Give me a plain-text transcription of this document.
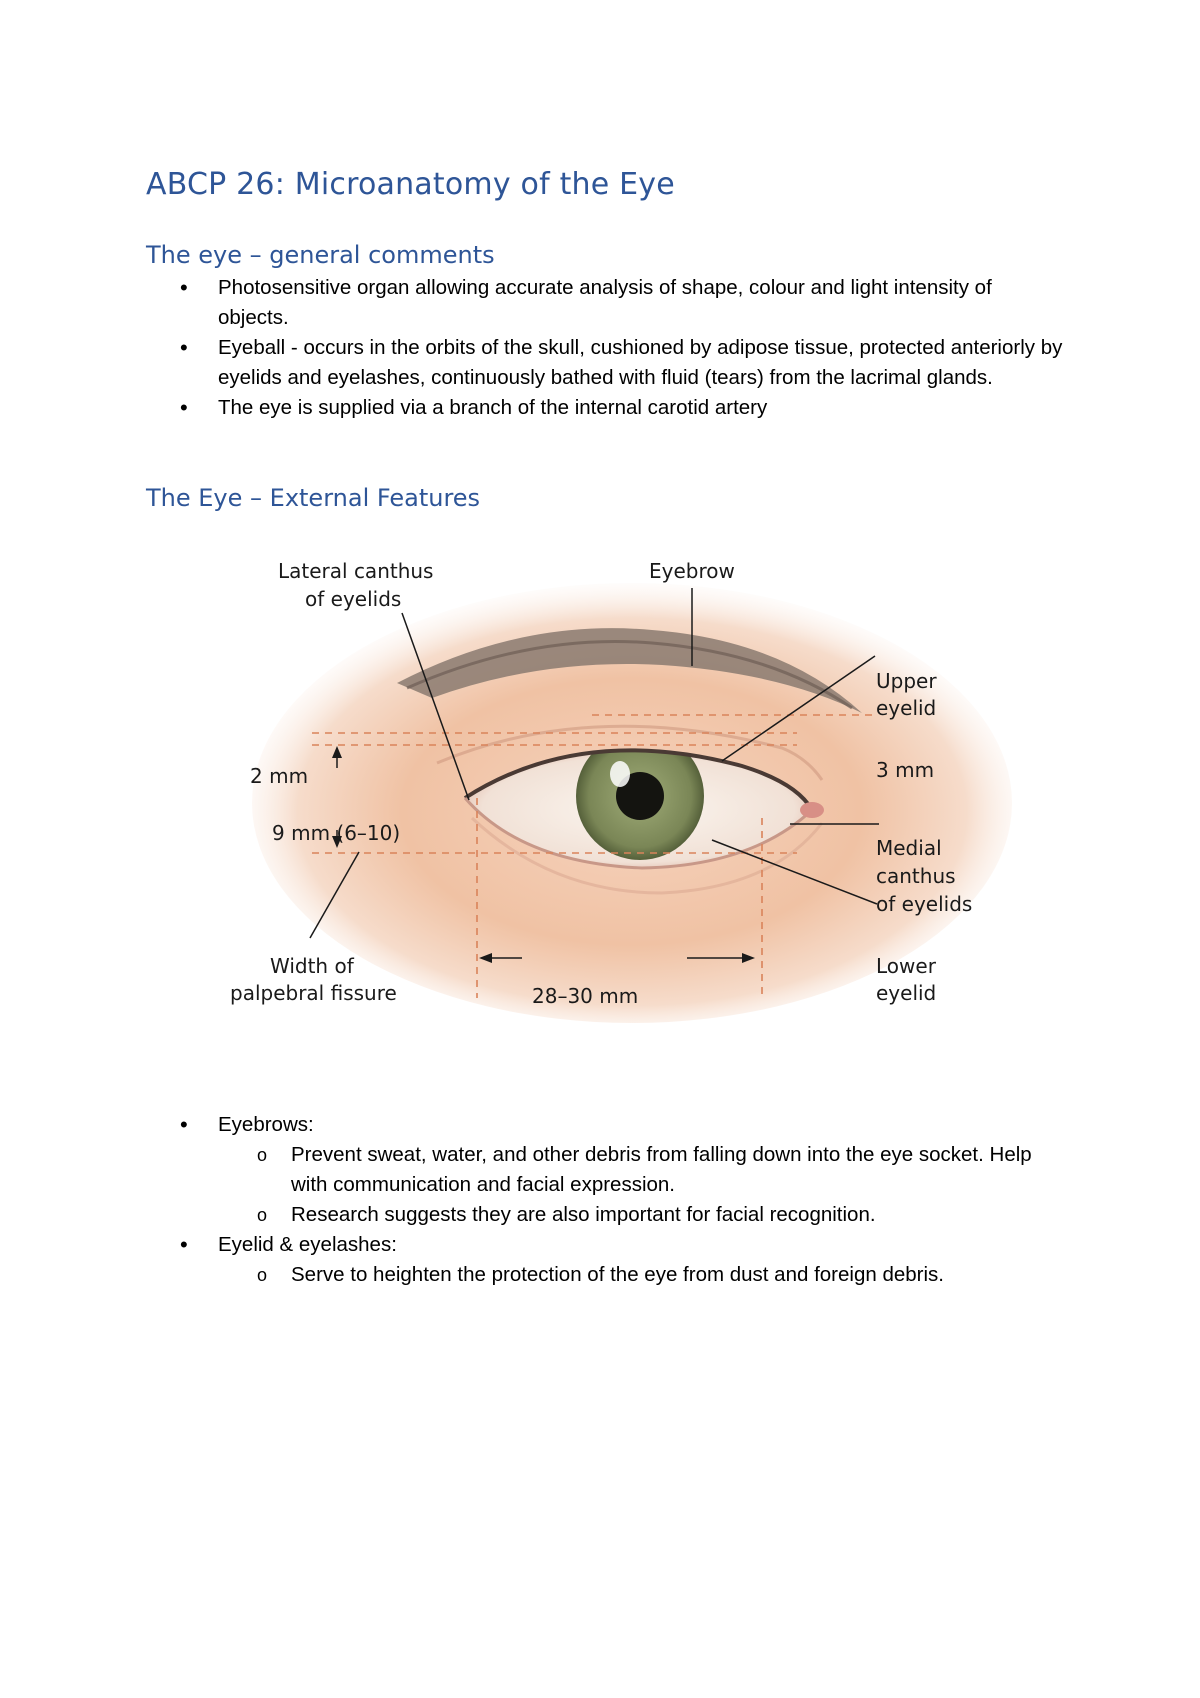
ABCP 26: Microanatomy of the Eye
The eye – general comments
• Photosensitive organ allowing accurate analysis of shape, colour and light intensity of objects.
• Eyeball - occurs in the orbits of the skull, cushioned by adipose tissue, protected anteriorly by eyelids and eyelashes, continuously bathed with fluid (tears) from the lacrimal glands.
• The eye is supplied via a branch of the internal carotid artery
The Eye – External Features
Lateral canthus
of eyelids
Eyebrow
Upper
eyelid
2 mm	3 mm
9 mm (6–10)
Medial
canthus
of eyelids
Width of
palpebral fissure	28–30 mm
Lower
eyelid
• Eyebrows:
o Prevent sweat, water, and other debris from falling down into the eye socket. Help with communication and facial expression.
o Research suggests they are also important for facial recognition.
• Eyelid & eyelashes:
o Serve to heighten the protection of the eye from dust and foreign debris.
